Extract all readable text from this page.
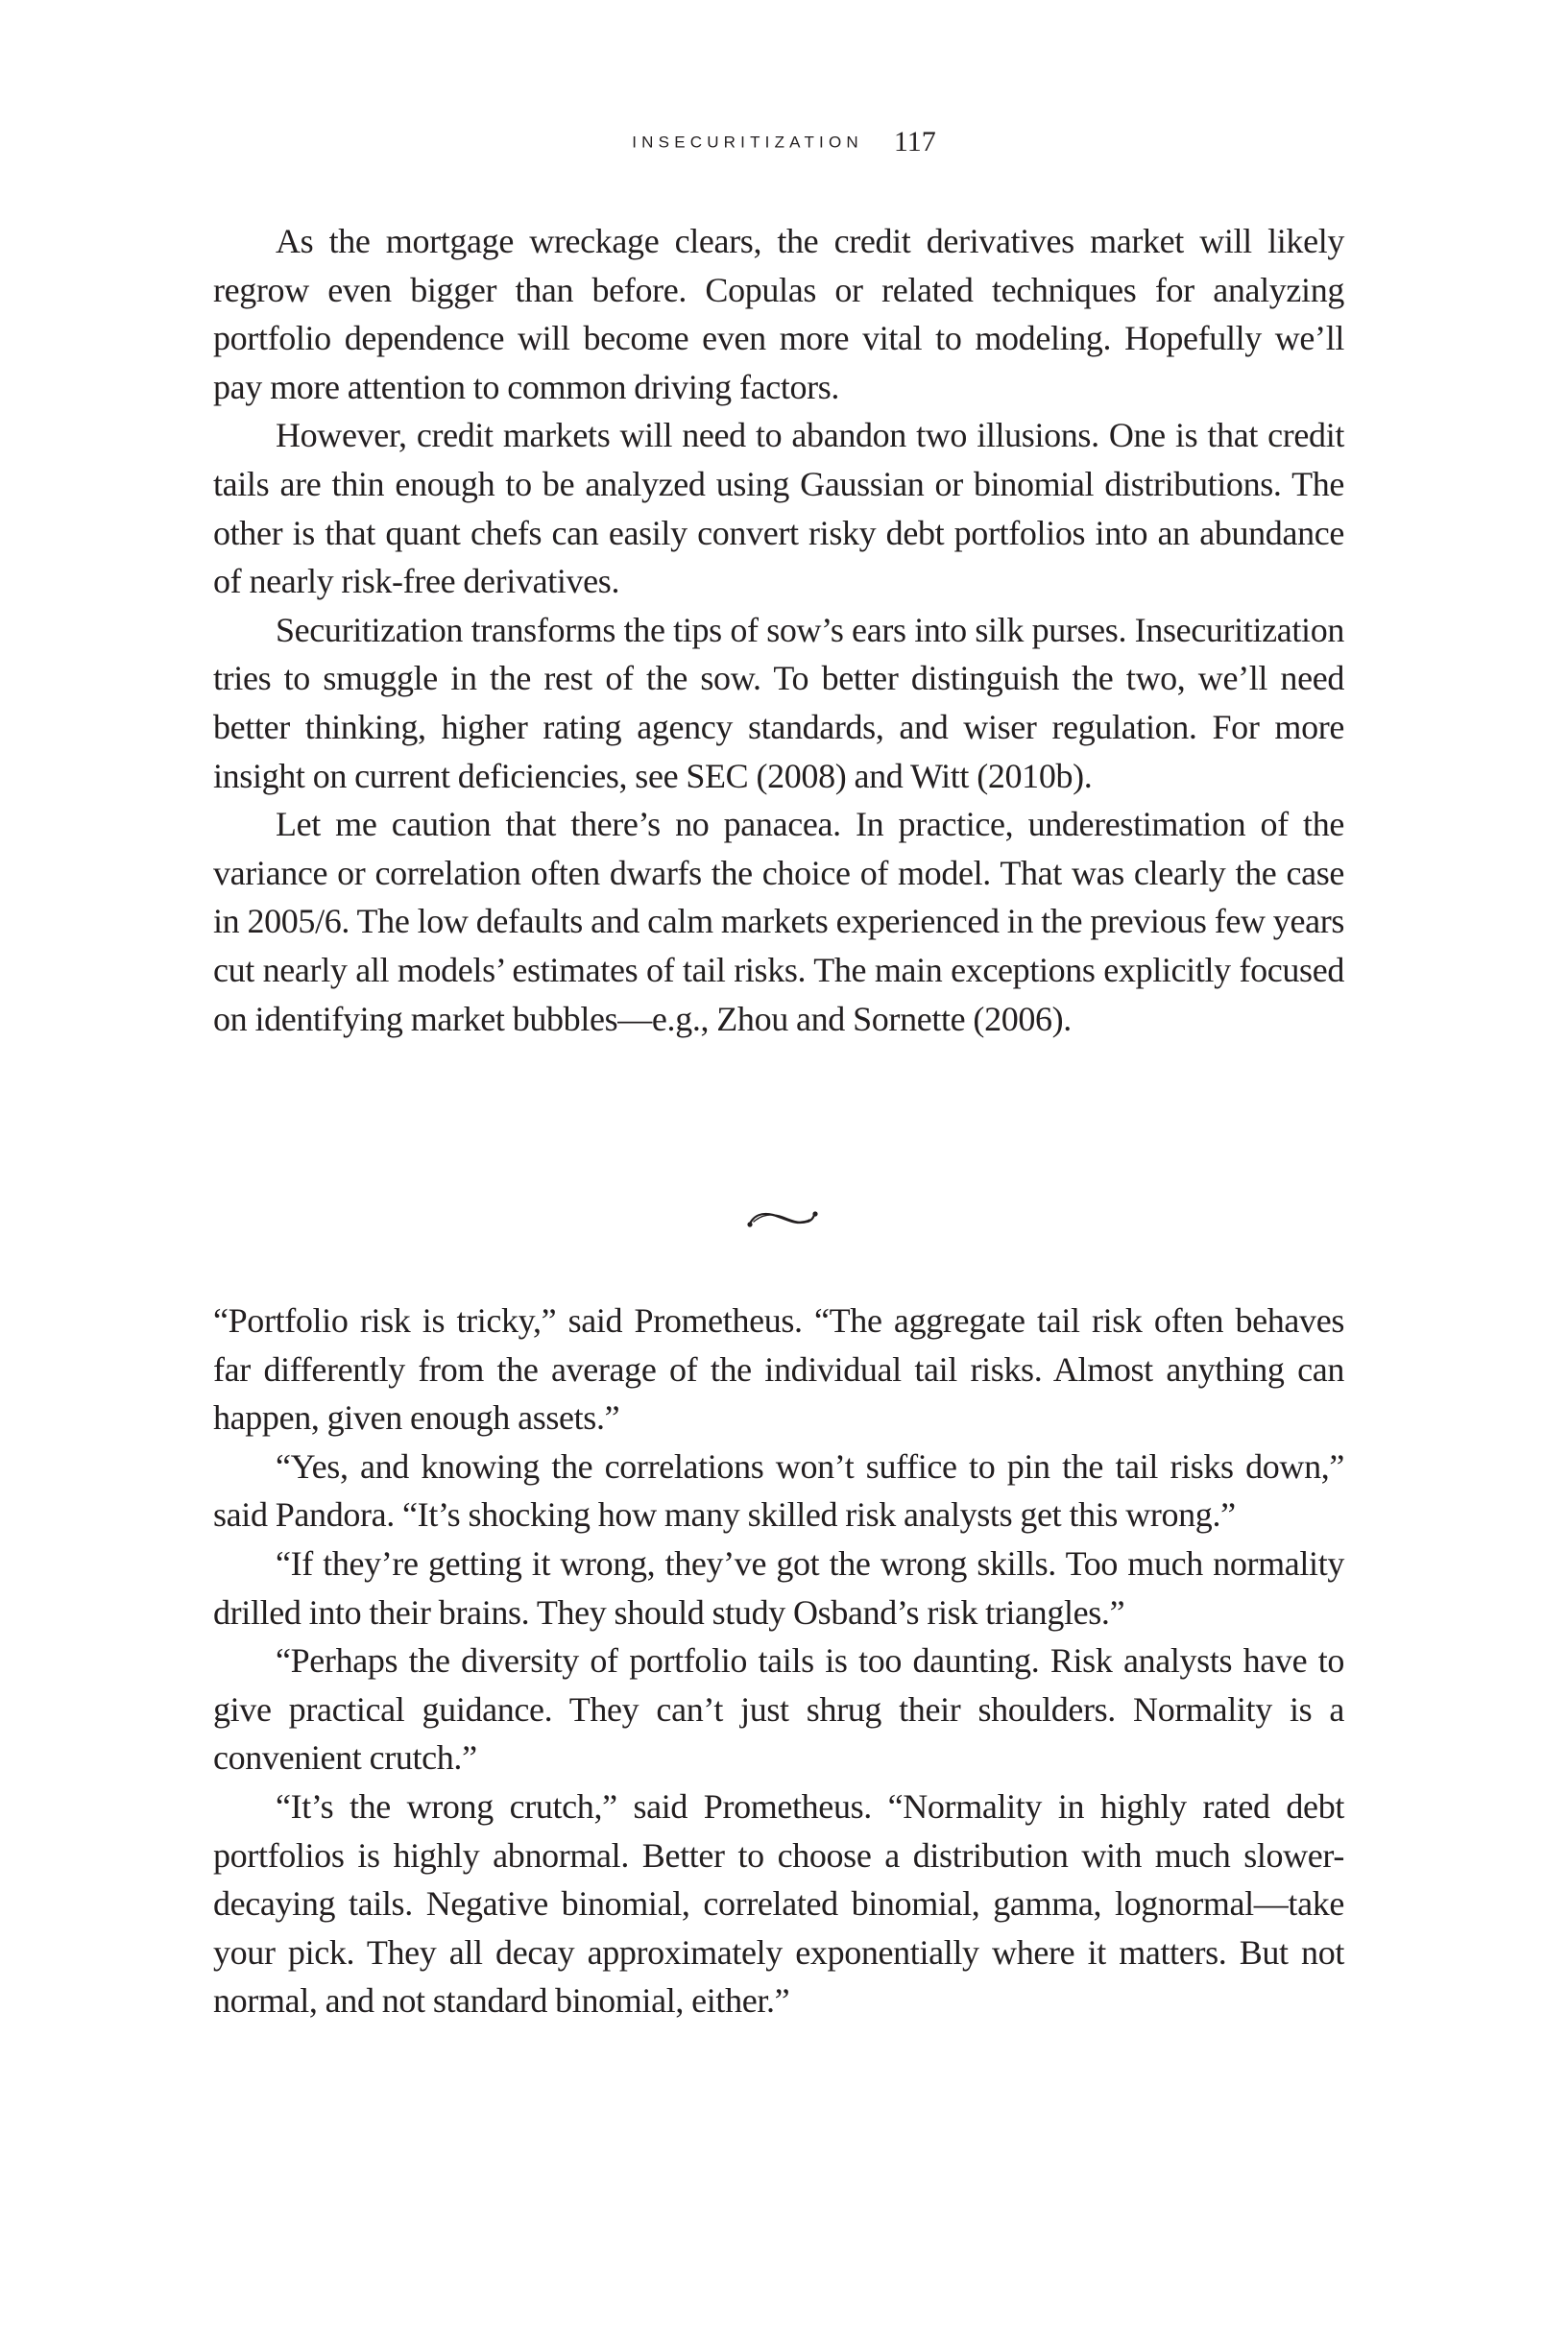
INSECURITIZATION 117

As the mortgage wreckage clears, the credit derivatives market will likely regrow even bigger than before. Copulas or related techniques for analyzing portfolio dependence will become even more vital to modeling. Hopefully we’ll pay more attention to common driving factors.

However, credit markets will need to abandon two illusions. One is that credit tails are thin enough to be analyzed using Gaussian or binomial distributions. The other is that quant chefs can easily convert risky debt portfolios into an abundance of nearly risk-free derivatives.

Securitization transforms the tips of sow’s ears into silk purses. Insecuritization tries to smuggle in the rest of the sow. To better distinguish the two, we’ll need better thinking, higher rating agency standards, and wiser regulation. For more insight on current deficiencies, see SEC (2008) and Witt (2010b).

Let me caution that there’s no panacea. In practice, underestimation of the variance or correlation often dwarfs the choice of model. That was clearly the case in 2005/6. The low defaults and calm markets experienced in the previous few years cut nearly all models’ estimates of tail risks. The main exceptions explicitly focused on identifying market bubbles—e.g., Zhou and Sornette (2006).

“Portfolio risk is tricky,” said Prometheus. “The aggregate tail risk often behaves far differently from the average of the individual tail risks. Almost anything can happen, given enough assets.”

“Yes, and knowing the correlations won’t suffice to pin the tail risks down,” said Pandora. “It’s shocking how many skilled risk analysts get this wrong.”

“If they’re getting it wrong, they’ve got the wrong skills. Too much normality drilled into their brains. They should study Osband’s risk triangles.”

“Perhaps the diversity of portfolio tails is too daunting. Risk analysts have to give practical guidance. They can’t just shrug their shoulders. Normality is a convenient crutch.”

“It’s the wrong crutch,” said Prometheus. “Normality in highly rated debt portfolios is highly abnormal. Better to choose a distribution with much slower-decaying tails. Negative binomial, correlated binomial, gamma, lognormal—take your pick. They all decay approximately exponentially where it matters. But not normal, and not standard binomial, either.”
